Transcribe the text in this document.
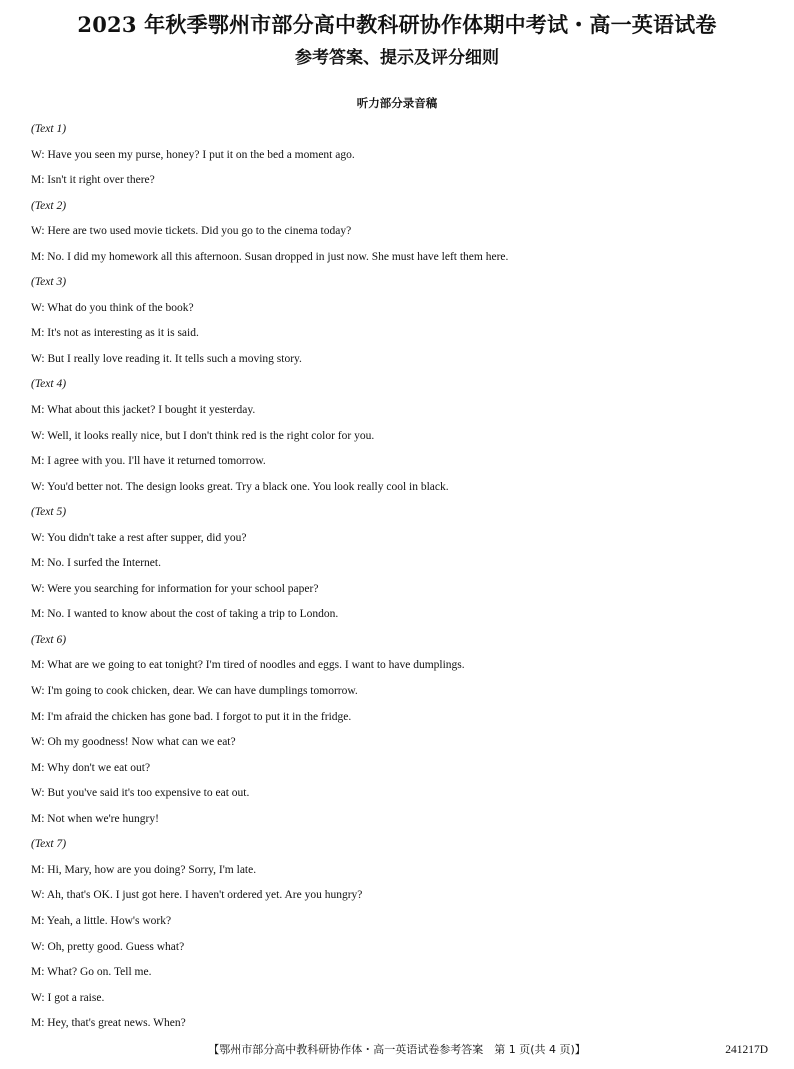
2023 年秋季鄂州市部分高中教科研协作体期中考试・高一英语试卷
参考答案、提示及评分细则
听力部分录音稿
(Text 1)
W: Have you seen my purse, honey? I put it on the bed a moment ago.
M: Isn't it right over there?
(Text 2)
W: Here are two used movie tickets. Did you go to the cinema today?
M: No. I did my homework all this afternoon. Susan dropped in just now. She must have left them here.
(Text 3)
W: What do you think of the book?
M: It's not as interesting as it is said.
W: But I really love reading it. It tells such a moving story.
(Text 4)
M: What about this jacket? I bought it yesterday.
W: Well, it looks really nice, but I don't think red is the right color for you.
M: I agree with you. I'll have it returned tomorrow.
W: You'd better not. The design looks great. Try a black one. You look really cool in black.
(Text 5)
W: You didn't take a rest after supper, did you?
M: No. I surfed the Internet.
W: Were you searching for information for your school paper?
M: No. I wanted to know about the cost of taking a trip to London.
(Text 6)
M: What are we going to eat tonight? I'm tired of noodles and eggs. I want to have dumplings.
W: I'm going to cook chicken, dear. We can have dumplings tomorrow.
M: I'm afraid the chicken has gone bad. I forgot to put it in the fridge.
W: Oh my goodness! Now what can we eat?
M: Why don't we eat out?
W: But you've said it's too expensive to eat out.
M: Not when we're hungry!
(Text 7)
M: Hi, Mary, how are you doing? Sorry, I'm late.
W: Ah, that's OK. I just got here. I haven't ordered yet. Are you hungry?
M: Yeah, a little. How's work?
W: Oh, pretty good. Guess what?
M: What? Go on. Tell me.
W: I got a raise.
M: Hey, that's great news. When?
【鄂州市部分高中教科研协作体・高一英语试卷参考答案　第 1 页(共 4 页)】	241217D
